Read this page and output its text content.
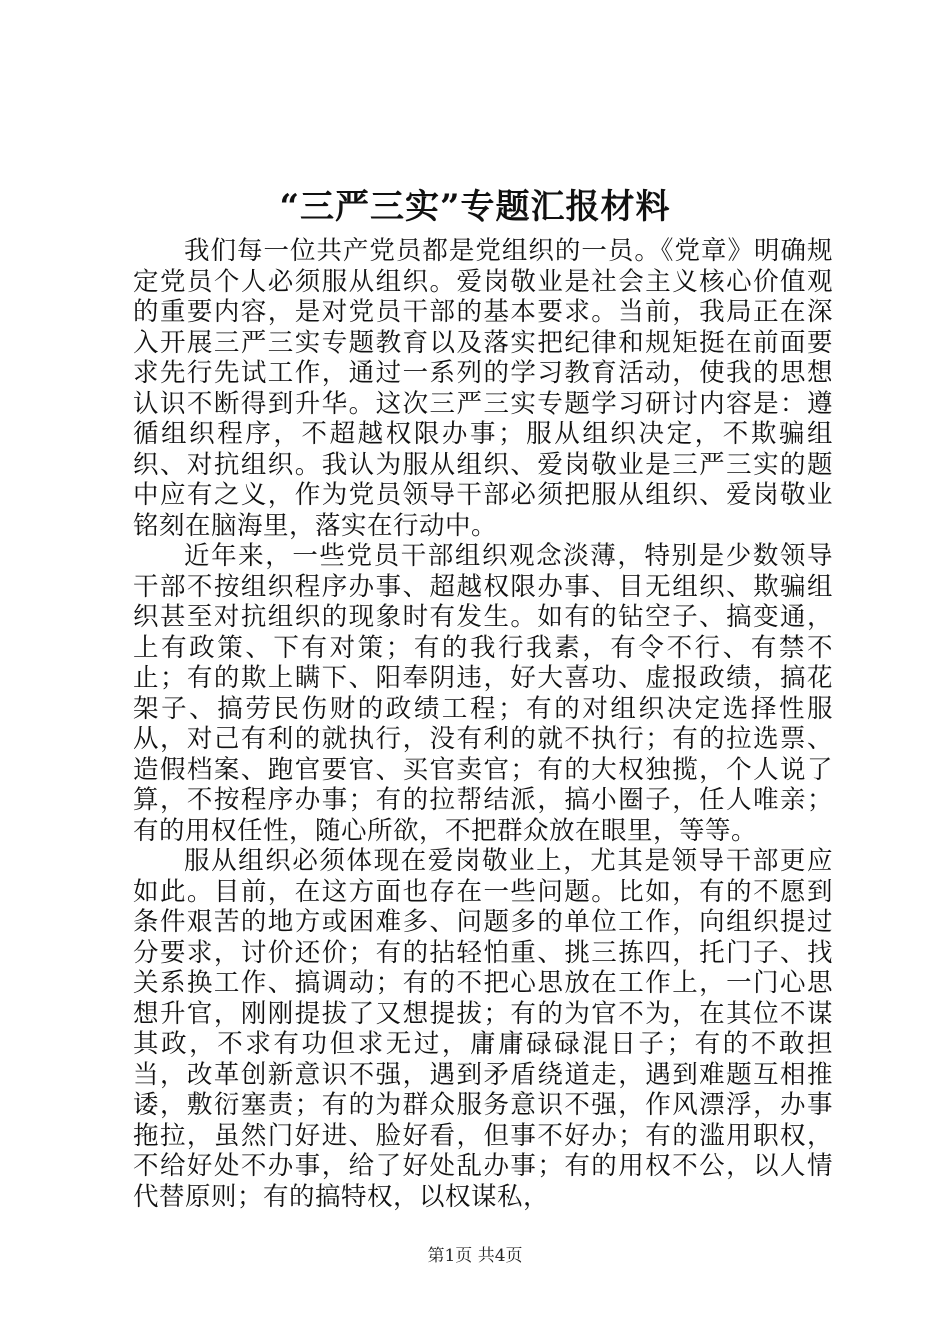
“三严三实”专题汇报材料

我们每一位共产党员都是党组织的一员。《党章》明确规定党员个人必须服从组织。爱岗敬业是社会主义核心价值观的重要内容，是对党员干部的基本要求。当前，我局正在深入开展三严三实专题教育以及落实把纪律和规矩挺在前面要求先行先试工作，通过一系列的学习教育活动，使我的思想认识不断得到升华。这次三严三实专题学习研讨内容是：遵循组织程序，不超越权限办事；服从组织决定，不欺骗组织、对抗组织。我认为服从组织、爱岗敬业是三严三实的题中应有之义，作为党员领导干部必须把服从组织、爱岗敬业铭刻在脑海里，落实在行动中。

近年来，一些党员干部组织观念淡薄，特别是少数领导干部不按组织程序办事、超越权限办事、目无组织、欺骗组织甚至对抗组织的现象时有发生。如有的钻空子、搞变通，上有政策、下有对策；有的我行我素，有令不行、有禁不止；有的欺上瞒下、阳奉阴违，好大喜功、虚报政绩，搞花架子、搞劳民伤财的政绩工程；有的对组织决定选择性服从，对己有利的就执行，没有利的就不执行；有的拉选票、造假档案、跑官要官、买官卖官；有的大权独揽，个人说了算，不按程序办事；有的拉帮结派，搞小圈子，任人唯亲；有的用权任性，随心所欲，不把群众放在眼里，等等。

服从组织必须体现在爱岗敬业上，尤其是领导干部更应如此。目前，在这方面也存在一些问题。比如，有的不愿到条件艰苦的地方或困难多、问题多的单位工作，向组织提过分要求，讨价还价；有的拈轻怕重、挑三拣四，托门子、找关系换工作、搞调动；有的不把心思放在工作上，一门心思想升官，刚刚提拔了又想提拔；有的为官不为，在其位不谋其政，不求有功但求无过，庸庸碌碌混日子；有的不敢担当，改革创新意识不强，遇到矛盾绕道走，遇到难题互相推诿，敷衍塞责；有的为群众服务意识不强，作风漂浮，办事拖拉，虽然门好进、脸好看，但事不好办；有的滥用职权，不给好处不办事，给了好处乱办事；有的用权不公，以人情代替原则；有的搞特权，以权谋私，

第1页 共4页
